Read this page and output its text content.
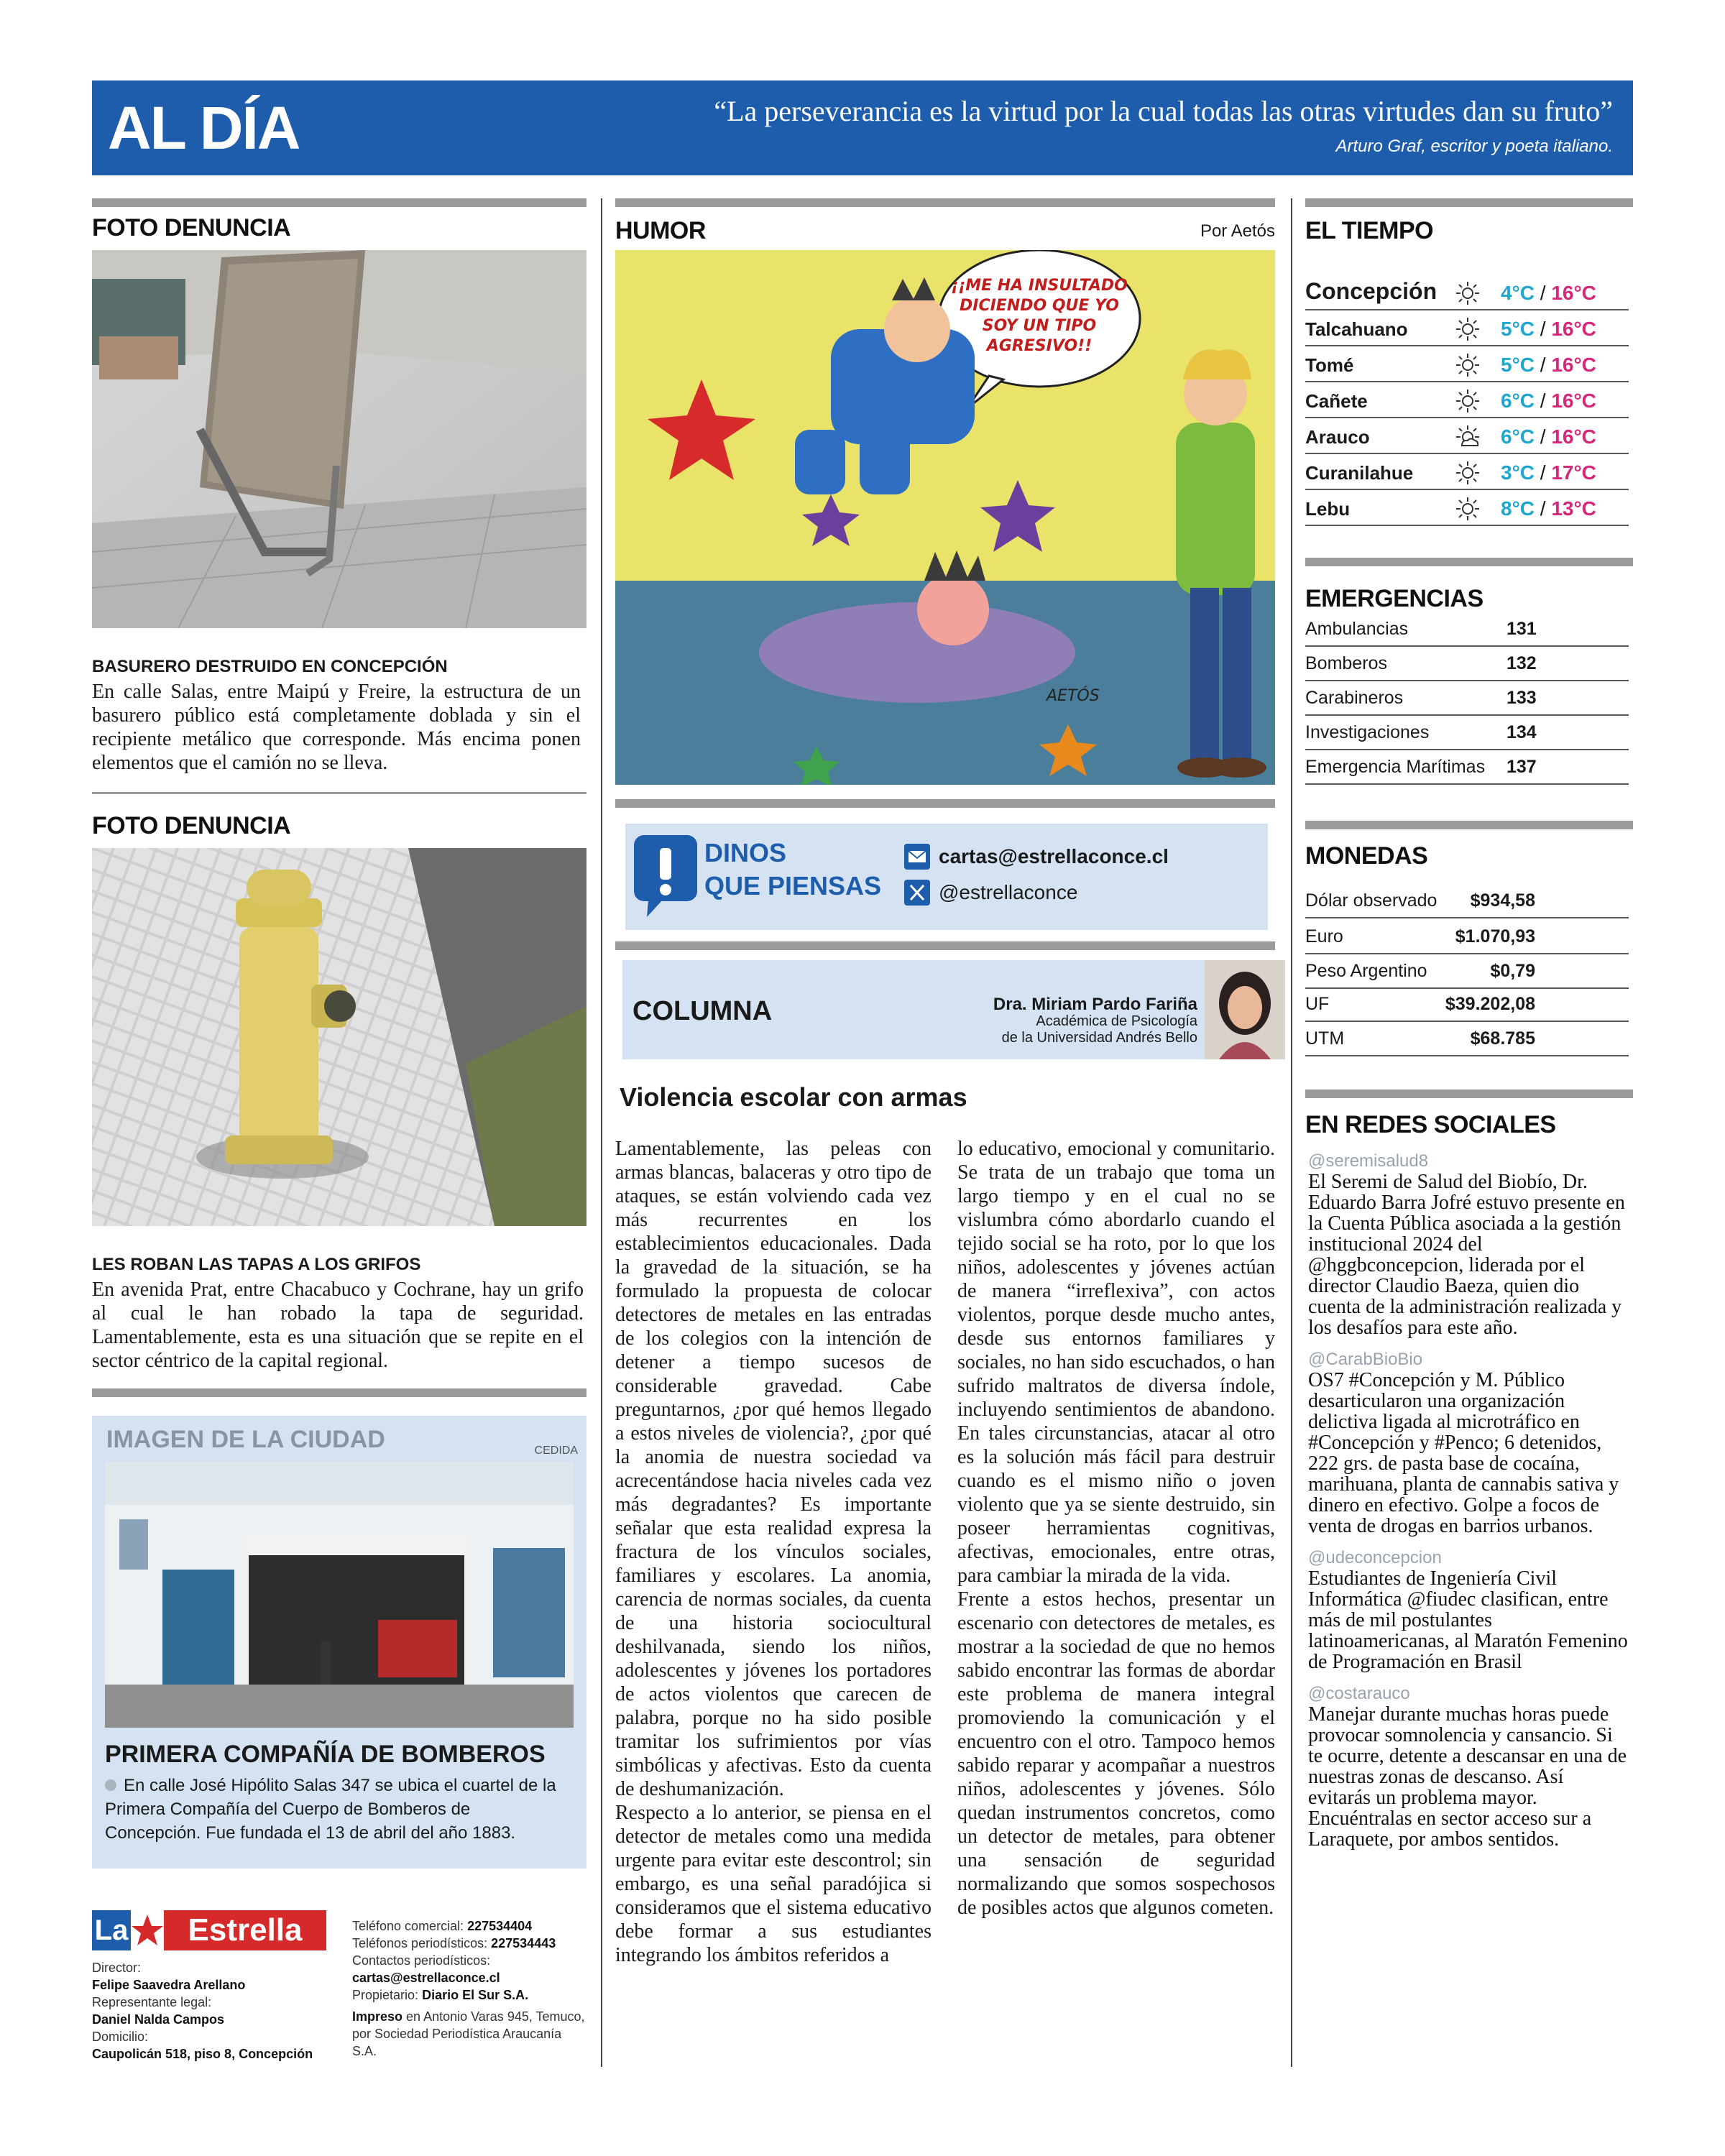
AL DÍA	“La perseverancia es la virtud por la cual todas las otras virtudes dan su fruto”
Arturo Graf, escritor y poeta italiano.
FOTO DENUNCIA
BASURERO DESTRUIDO EN CONCEPCIÓN
En calle Salas, entre Maipú y Freire, la estructura de un basurero público está completamente doblada y sin el recipiente metálico que corresponde. Más encima ponen elementos que el camión no se lleva.
FOTO DENUNCIA
LES ROBAN LAS TAPAS A LOS GRIFOS
En avenida Prat, entre Chacabuco y Cochrane, hay un grifo al cual le han robado la tapa de seguridad. Lamentablemente, esta es una situación que se repite en el sector céntrico de la capital regional.
IMAGEN DE LA CIUDAD	CEDIDA
PRIMERA COMPAÑÍA DE BOMBEROS
En calle José Hipólito Salas 347 se ubica el cuartel de la Primera Compañía del Cuerpo de Bomberos de Concepción. Fue fundada el 13 de abril del año 1883.
La	Estrella
Director:
Felipe Saavedra Arellano
Representante legal:
Daniel Nalda Campos
Domicilio:
Caupolicán 518, piso 8, Concepción
Teléfono comercial: 227534404
Teléfonos periodísticos: 227534443
Contactos periodísticos:
cartas@estrellaconce.cl
Propietario: Diario El Sur S.A.
Impreso en Antonio Varas 945, Temuco, por Sociedad Periodística Araucanía S.A.
HUMOR	Por Aetós
¡¡ME HA INSULTADO DICIENDO QUE YO SOY UN TIPO AGRESIVO!!
AETÓS
DINOS
QUE PIENSAS
cartas@estrellaconce.cl
@estrellaconce
COLUMNA	Dra. Miriam Pardo Fariña
Académica de Psicología
de la Universidad Andrés Bello
Violencia escolar con armas
Lamentablemente, las peleas con armas blancas, balaceras y otro tipo de ataques, se están volviendo cada vez más recurrentes en los establecimientos educacionales. Dada la gravedad de la situación, se ha formulado la propuesta de colocar detectores de metales en las entradas de los colegios con la intención de detener a tiempo sucesos de considerable gravedad. Cabe preguntarnos, ¿por qué hemos llegado a estos niveles de violencia?, ¿por qué la anomia de nuestra sociedad va acrecentándose hacia niveles cada vez más degradantes? Es importante señalar que esta realidad expresa la fractura de los vínculos sociales, familiares y escolares. La anomia, carencia de normas sociales, da cuenta de una historia sociocultural deshilvanada, siendo los niños, adolescentes y jóvenes los portadores de actos violentos que carecen de palabra, porque no ha sido posible tramitar los sufrimientos por vías simbólicas y afectivas. Esto da cuenta de deshumanización.
Respecto a lo anterior, se piensa en el detector de metales como una medida urgente para evitar este descontrol; sin embargo, es una señal paradójica si consideramos que el sistema educativo debe formar a sus estudiantes integrando los ámbitos referidos a
lo educativo, emocional y comunitario. Se trata de un trabajo que toma un largo tiempo y en el cual no se vislumbra cómo abordarlo cuando el tejido social se ha roto, por lo que los niños, adolescentes y jóvenes actúan de manera “irreflexiva”, con actos violentos, porque desde mucho antes, desde sus entornos familiares y sociales, no han sido escuchados, o han sufrido maltratos de diversa índole, incluyendo sentimientos de abandono. En tales circunstancias, atacar al otro es la solución más fácil para destruir cuando es el mismo niño o joven violento que ya se siente destruido, sin poseer herramientas cognitivas, afectivas, emocionales, entre otras, para cambiar la mirada de la vida.
Frente a estos hechos, presentar un escenario con detectores de metales, es mostrar a la sociedad de que no hemos sabido encontrar las formas de abordar este problema de manera integral promoviendo la comunicación y el encuentro con el otro. Tampoco hemos sabido reparar y acompañar a nuestros niños, adolescentes y jóvenes. Sólo quedan instrumentos concretos, como un detector de metales, para obtener una sensación de seguridad normalizando que somos sospechosos de posibles actos que algunos cometen.
EL TIEMPO
Concepción	4°C / 16°C
Talcahuano	5°C / 16°C
Tomé	5°C / 16°C
Cañete	6°C / 16°C
Arauco	6°C / 16°C
Curanilahue	3°C / 17°C
Lebu	8°C / 13°C
EMERGENCIAS
Ambulancias	131
Bomberos	132
Carabineros	133
Investigaciones	134
Emergencia Marítimas 137
MONEDAS
Dólar observado $934,58
Euro	$1.070,93
Peso Argentino	$0,79
UF	$39.202,08
UTM	$68.785
EN REDES SOCIALES
@seremisalud8
El Seremi de Salud del Biobío, Dr. Eduardo Barra Jofré estuvo presente en la Cuenta Pública asociada a la gestión institucional 2024 del @hggbconcepcion, liderada por el director Claudio Baeza, quien dio cuenta de la administración realizada y los desafíos para este año.
@CarabBioBio
OS7 #Concepción y M. Público desarticularon una organización delictiva ligada al microtráfico en #Concepción y #Penco; 6 detenidos, 222 grs. de pasta base de cocaína, marihuana, planta de cannabis sativa y dinero en efectivo. Golpe a focos de venta de drogas en barrios urbanos.
@udeconcepcion
Estudiantes de Ingeniería Civil Informática @fiudec clasifican, entre más de mil postulantes latinoamericanas, al Maratón Femenino de Programación en Brasil
@costarauco
Manejar durante muchas horas puede provocar somnolencia y cansancio. Si te ocurre, detente a descansar en una de nuestras zonas de descanso. Así evitarás un problema mayor. Encuéntralas en sector acceso sur a Laraquete, por ambos sentidos.
